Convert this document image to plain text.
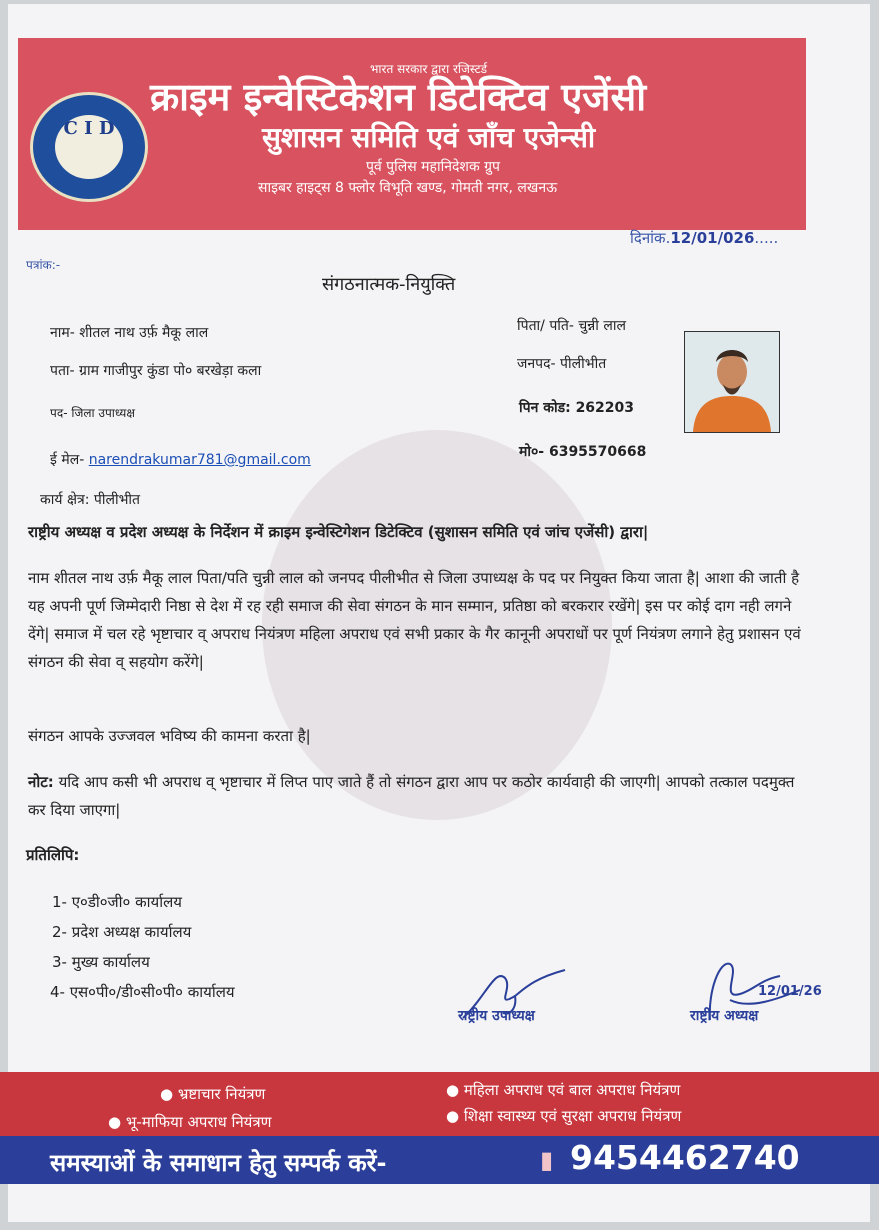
C I D
भारत सरकार द्वारा रजिस्टर्ड
क्राइम इन्वेस्टिकेशन डिटेक्टिव एजेंसी
सुशासन समिति एवं जाँच एजेन्सी
पूर्व पुलिस महानिदेशक ग्रुप
साइबर हाइट्स 8 फ्लोर विभूति खण्ड, गोमती नगर, लखनऊ
दिनांक.12/01/026.....
पत्रांक:-
संगठनात्मक-नियुक्ति
नाम- शीतल नाथ उर्फ़ मैकू लाल
पता- ग्राम गाजीपुर कुंडा पो० बरखेड़ा कला
पद- जिला उपाध्यक्ष
ई मेल- narendrakumar781@gmail.com
कार्य क्षेत्र: पीलीभीत
पिता/ पति- चुन्नी लाल
जनपद- पीलीभीत
पिन कोड: 262203
मो०- 6395570668
राष्ट्रीय अध्यक्ष व प्रदेश अध्यक्ष के निर्देशन में क्राइम इन्वेस्टिगेशन डिटेक्टिव (सुशासन समिति एवं जांच एजेंसी) द्वारा|
नाम शीतल नाथ उर्फ़ मैकू लाल पिता/पति चुन्नी लाल को जनपद पीलीभीत से जिला उपाध्यक्ष के पद पर नियुक्त किया जाता है| आशा की जाती है यह अपनी पूर्ण जिम्मेदारी निष्ठा से देश में रह रही समाज की सेवा संगठन के मान सम्मान, प्रतिष्ठा को बरकरार रखेंगे| इस पर कोई दाग नही लगने देंगे| समाज में चल रहे भृष्टाचार व् अपराध नियंत्रण महिला अपराध एवं सभी प्रकार के गैर कानूनी अपराधों पर पूर्ण नियंत्रण लगाने हेतु प्रशासन एवं संगठन की सेवा व् सहयोग करेंगे|
संगठन आपके उज्जवल भविष्य की कामना करता है|
नोट: यदि आप कसी भी अपराध व् भृष्टाचार में लिप्त पाए जाते हैं तो संगठन द्वारा आप पर कठोर कार्यवाही की जाएगी| आपको तत्काल पदमुक्त कर दिया जाएगा|
प्रतिलिपि:
1- ए०डी०जी० कार्यालय
2- प्रदेश अध्यक्ष कार्यालय
3- मुख्य कार्यालय
4- एस०पी०/डी०सी०पी० कार्यालय
राष्ट्रीय उपाध्यक्ष
12/01/26
राष्ट्रीय अध्यक्ष
● भ्रष्टाचार नियंत्रण	● महिला अपराध एवं बाल अपराध नियंत्रण
● भू-माफिया अपराध नियंत्रण	● शिक्षा स्वास्थ्य एवं सुरक्षा अपराध नियंत्रण
समस्याओं के समाधान हेतु सम्पर्क करें-	▮ 9454462740
